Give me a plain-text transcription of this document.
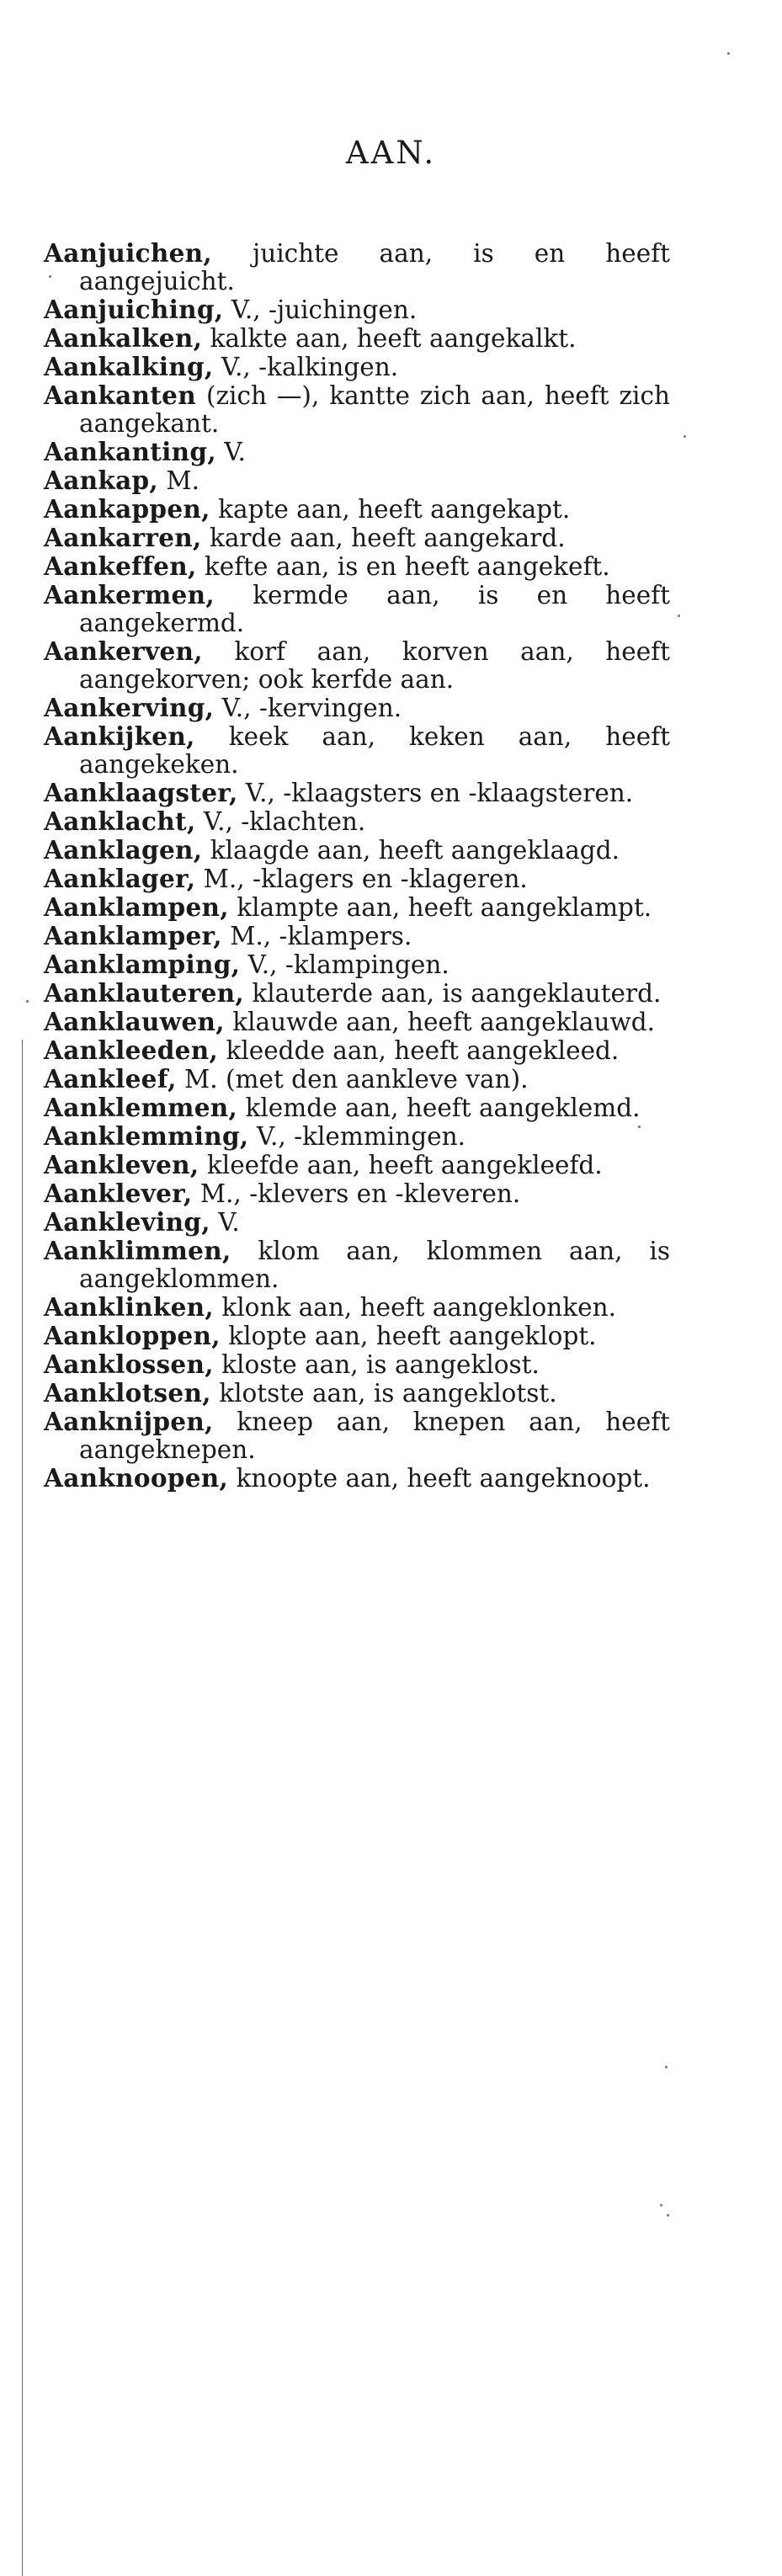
AAN.
Aanjuichen, juichte aan, is en heeft aangejuicht.
Aanjuiching, V., -juichingen.
Aankalken, kalkte aan, heeft aangekalkt.
Aankalking, V., -kalkingen.
Aankanten (zich —), kantte zich aan, heeft zich aangekant.
Aankanting, V.
Aankap, M.
Aankappen, kapte aan, heeft aangekapt.
Aankarren, karde aan, heeft aangekard.
Aankeffen, kefte aan, is en heeft aangekeft.
Aankermen, kermde aan, is en heeft aangekermd.
Aankerven, korf aan, korven aan, heeft aangekorven; ook kerfde aan.
Aankerving, V., -kervingen.
Aankijken, keek aan, keken aan, heeft aangekeken.
Aanklaagster, V., -klaagsters en -klaagsteren.
Aanklacht, V., -klachten.
Aanklagen, klaagde aan, heeft aangeklaagd.
Aanklager, M., -klagers en -klageren.
Aanklampen, klampte aan, heeft aangeklampt.
Aanklamper, M., -klampers.
Aanklamping, V., -klampingen.
Aanklauteren, klauterde aan, is aangeklauterd.
Aanklauwen, klauwde aan, heeft aangeklauwd.
Aankleeden, kleedde aan, heeft aangekleed.
Aankleef, M. (met den aankleve van).
Aanklemmen, klemde aan, heeft aangeklemd.
Aanklemming, V., -klemmingen.
Aankleven, kleefde aan, heeft aangekleefd.
Aanklever, M., -klevers en -kleveren.
Aankleving, V.
Aanklimmen, klom aan, klommen aan, is aangeklommen.
Aanklinken, klonk aan, heeft aangeklonken.
Aankloppen, klopte aan, heeft aangeklopt.
Aanklossen, kloste aan, is aangeklost.
Aanklotsen, klotste aan, is aangeklotst.
Aanknijpen, kneep aan, knepen aan, heeft aangeknepen.
Aanknoopen, knoopte aan, heeft aangeknoopt.
